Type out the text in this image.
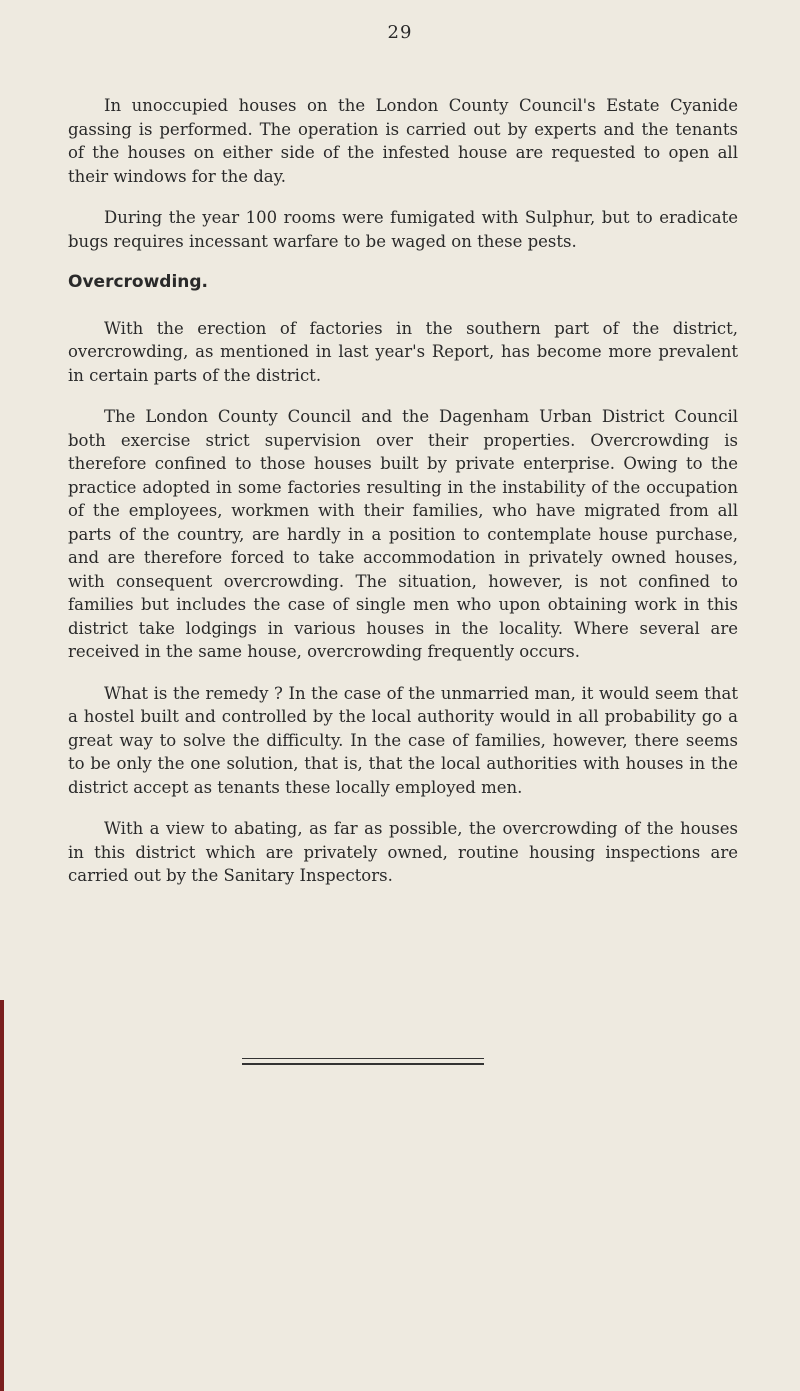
29

In unoccupied houses on the London County Council's Estate Cyanide gassing is performed. The operation is carried out by experts and the tenants of the houses on either side of the infested house are requested to open all their windows for the day.

During the year 100 rooms were fumigated with Sulphur, but to eradicate bugs requires incessant warfare to be waged on these pests.

Overcrowding.

With the erection of factories in the southern part of the district, overcrowding, as mentioned in last year's Report, has become more prevalent in certain parts of the district.

The London County Council and the Dagenham Urban District Council both exercise strict supervision over their properties. Overcrowding is therefore confined to those houses built by private enterprise. Owing to the practice adopted in some factories resulting in the instability of the occupation of the employees, workmen with their families, who have migrated from all parts of the country, are hardly in a position to contemplate house purchase, and are therefore forced to take accommodation in privately owned houses, with consequent overcrowding. The situation, however, is not confined to families but includes the case of single men who upon obtaining work in this district take lodgings in various houses in the locality. Where several are received in the same house, overcrowding frequently occurs.

What is the remedy ? In the case of the unmarried man, it would seem that a hostel built and controlled by the local authority would in all probability go a great way to solve the difficulty. In the case of families, however, there seems to be only the one solution, that is, that the local authorities with houses in the district accept as tenants these locally employed men.

With a view to abating, as far as possible, the overcrowding of the houses in this district which are privately owned, routine housing inspections are carried out by the Sanitary Inspectors.
